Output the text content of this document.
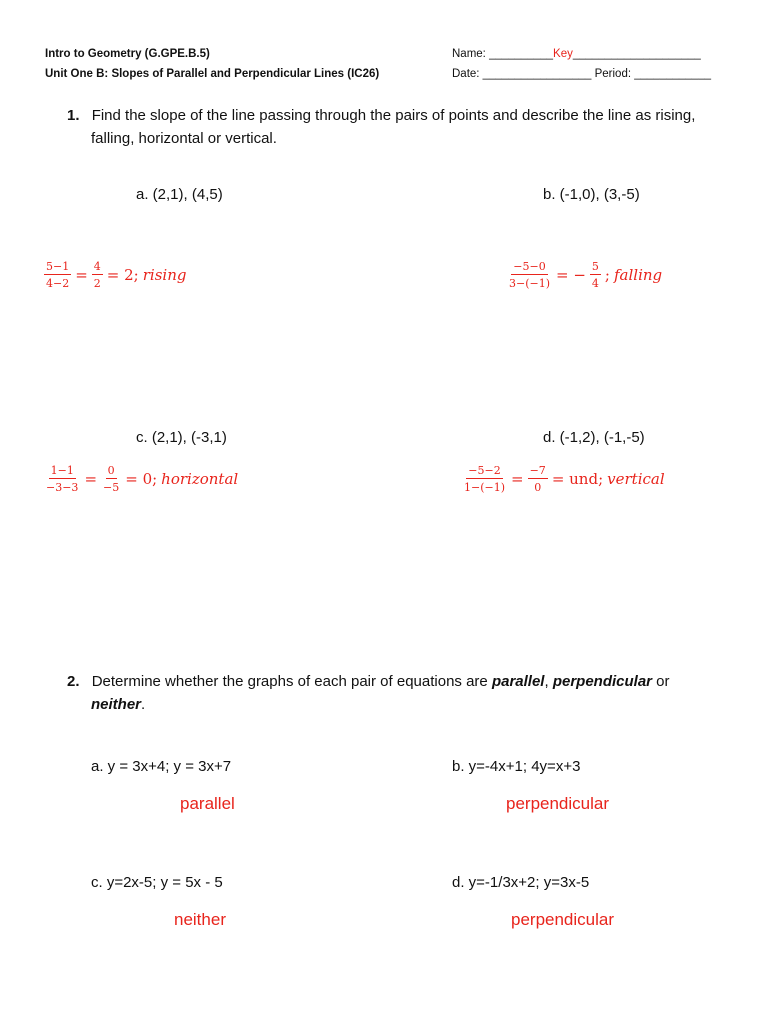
Intro to Geometry (G.GPE.B.5)
Unit One B: Slopes of Parallel and Perpendicular Lines (IC26)
Name: __________Key____________________
Date: _________________ Period: ____________
1. Find the slope of the line passing through the pairs of points and describe the line as rising,
falling, horizontal or vertical.
a. (2,1), (4,5)	b. (-1,0), (3,-5)
$\frac{5-1}{4-2} = \frac{4}{2} = 2$; rising	$\frac{-5-0}{3-(-1)}$ = − $\frac{5}{4}$ ; falling
c. (2,1), (-3,1)	d. (-1,2), (-1,-5)
$\frac{1-1}{-3-3} = \frac{0}{-5} = 0$; horizontal	$\frac{-5-2}{1-(-1)} = \frac{-7}{0}$ = und; vertical
2. Determine whether the graphs of each pair of equations are parallel, perpendicular or
neither.
a. y = 3x+4; y = 3x+7	b. y=-4x+1; 4y=x+3
parallel	perpendicular
c. y=2x-5; y = 5x - 5	d. y=-1/3x+2; y=3x-5
neither	perpendicular
